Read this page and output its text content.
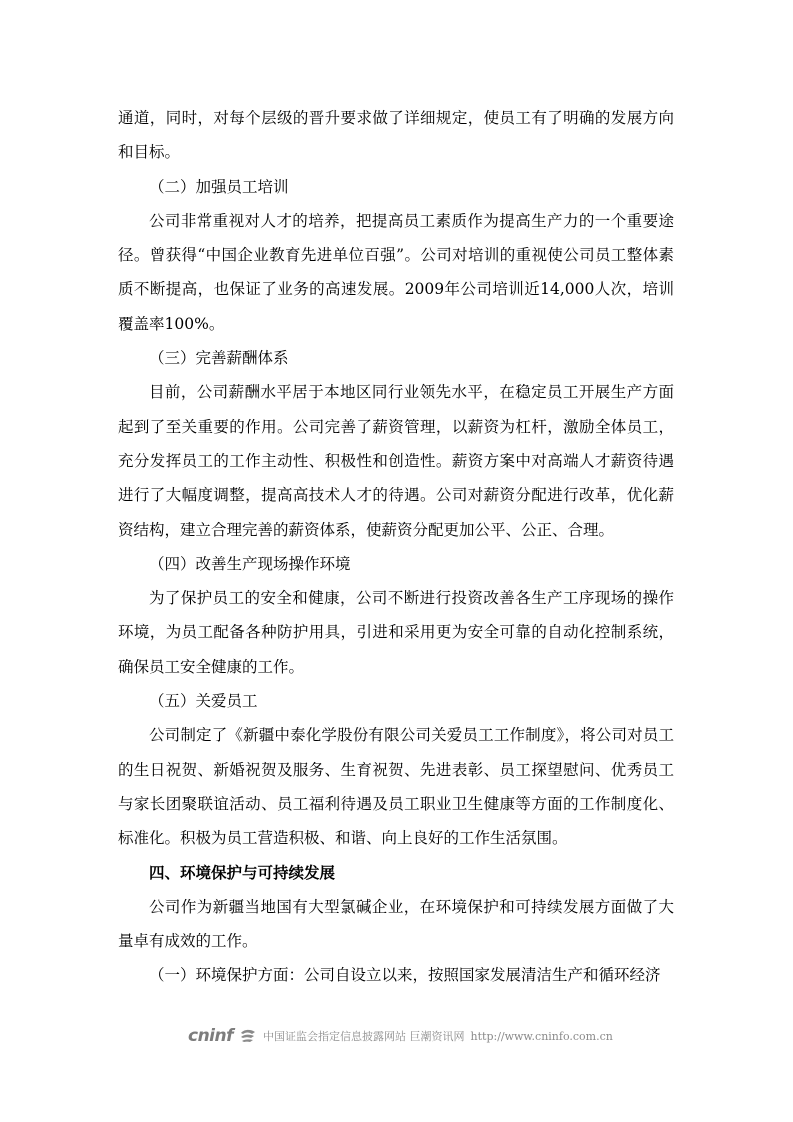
通道，同时，对每个层级的晋升要求做了详细规定，使员工有了明确的发展方向和目标。

（二）加强员工培训

公司非常重视对人才的培养，把提高员工素质作为提高生产力的一个重要途径。曾获得“中国企业教育先进单位百强”。公司对培训的重视使公司员工整体素质不断提高，也保证了业务的高速发展。2009年公司培训近14,000人次，培训覆盖率100%。

（三）完善薪酬体系

目前，公司薪酬水平居于本地区同行业领先水平，在稳定员工开展生产方面起到了至关重要的作用。公司完善了薪资管理，以薪资为杠杆，激励全体员工，充分发挥员工的工作主动性、积极性和创造性。薪资方案中对高端人才薪资待遇进行了大幅度调整，提高高技术人才的待遇。公司对薪资分配进行改革，优化薪资结构，建立合理完善的薪资体系，使薪资分配更加公平、公正、合理。

（四）改善生产现场操作环境

为了保护员工的安全和健康，公司不断进行投资改善各生产工序现场的操作环境，为员工配备各种防护用具，引进和采用更为安全可靠的自动化控制系统，确保员工安全健康的工作。

（五）关爱员工

公司制定了《新疆中泰化学股份有限公司关爱员工工作制度》，将公司对员工的生日祝贺、新婚祝贺及服务、生育祝贺、先进表彰、员工探望慰问、优秀员工与家长团聚联谊活动、员工福利待遇及员工职业卫生健康等方面的工作制度化、标准化。积极为员工营造积极、和谐、向上良好的工作生活氛围。

四、环境保护与可持续发展

公司作为新疆当地国有大型氯碱企业，在环境保护和可持续发展方面做了大量卓有成效的工作。

（一）环境保护方面：公司自设立以来，按照国家发展清洁生产和循环经济

cninf	中国证监会指定信息披露网站 巨潮资讯网 http://www.cninfo.com.cn
